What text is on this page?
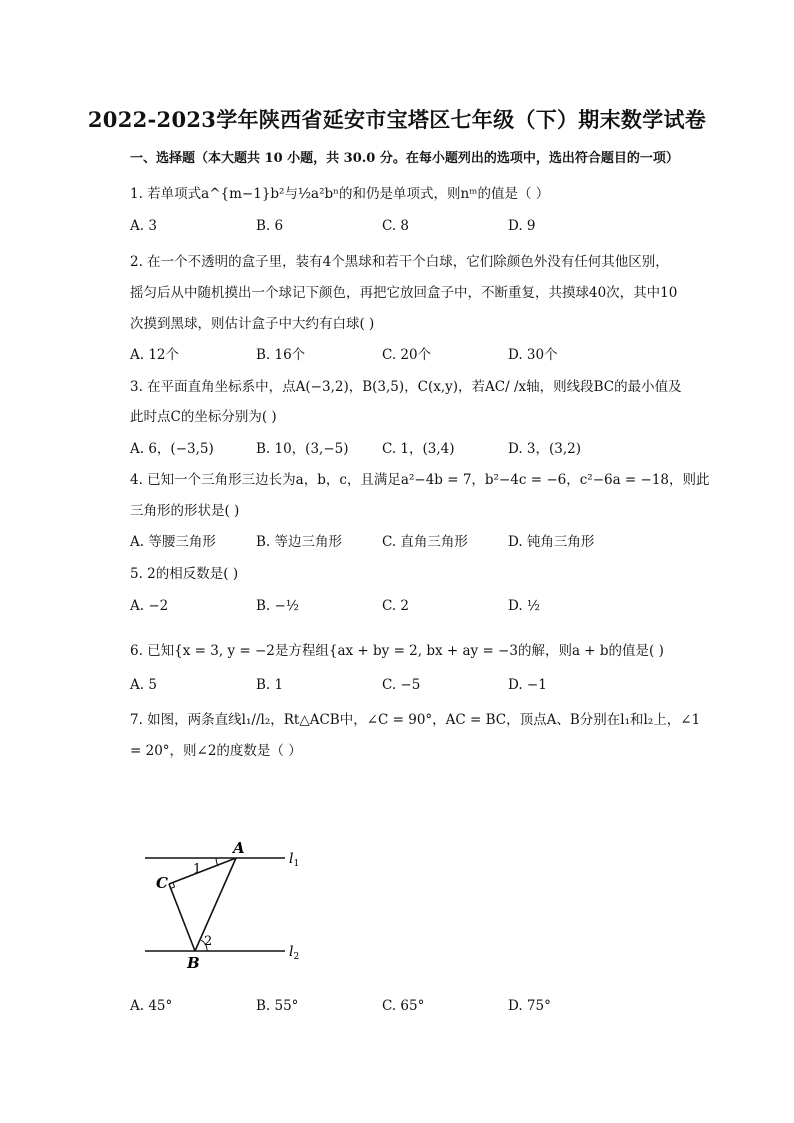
2022-2023学年陕西省延安市宝塔区七年级（下）期末数学试卷
一、选择题（本大题共 10 小题，共 30.0 分。在每小题列出的选项中，选出符合题目的一项）
1. 若单项式a^{m−1}b²与½a²bⁿ的和仍是单项式，则nᵐ的值是（ ）
A. 3	B. 6	C. 8	D. 9
2. 在一个不透明的盒子里，装有4个黑球和若干个白球，它们除颜色外没有任何其他区别，
摇匀后从中随机摸出一个球记下颜色，再把它放回盒子中，不断重复，共摸球40次，其中10
次摸到黑球，则估计盒子中大约有白球( )
A. 12个	B. 16个	C. 20个	D. 30个
3. 在平面直角坐标系中，点A(−3,2)，B(3,5)，C(x,y)，若AC/ /x轴，则线段BC的最小值及
此时点C的坐标分别为( )
A. 6，(−3,5)	B. 10，(3,−5) C. 1，(3,4)	D. 3，(3,2)
4. 已知一个三角形三边长为a，b，c，且满足a²−4b = 7，b²−4c = −6，c²−6a = −18，则此
三角形的形状是( )
A. 等腰三角形	B. 等边三角形	C. 直角三角形	D. 钝角三角形
5. 2的相反数是( )
A. −2	B. −½	C. 2	D. ½
6. 已知{x = 3, y = −2是方程组{ax + by = 2, bx + ay = −3的解，则a + b的值是( )
A. 5	B. 1	C. −5	D. −1
7. 如图，两条直线l₁//l₂，Rt△ACB中，∠C = 90°，AC = BC，顶点A、B分别在l₁和l₂上，∠1
= 20°，则∠2的度数是（ ）
A
C
B
1
2
$l_1$
$l_2$
A. 45°	B. 55°	C. 65°	D. 75°
